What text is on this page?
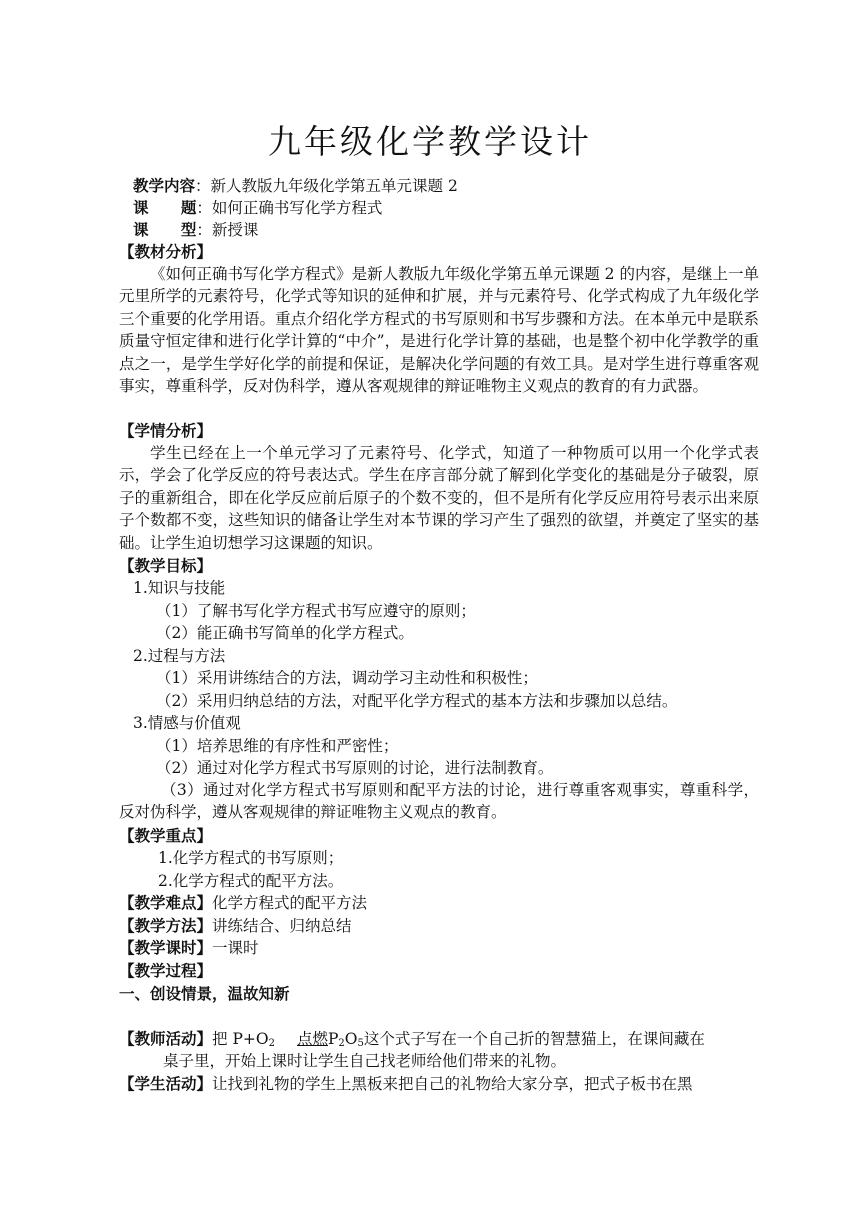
九年级化学教学设计
教学内容：新人教版九年级化学第五单元课题 2
课      题：如何正确书写化学方程式
课      型：新授课
【教材分析】
《如何正确书写化学方程式》是新人教版九年级化学第五单元课题 2 的内容，是继上一单元里所学的元素符号，化学式等知识的延伸和扩展，并与元素符号、化学式构成了九年级化学三个重要的化学用语。重点介绍化学方程式的书写原则和书写步骤和方法。在本单元中是联系质量守恒定律和进行化学计算的“中介”，是进行化学计算的基础，也是整个初中化学教学的重点之一，是学生学好化学的前提和保证，是解决化学问题的有效工具。是对学生进行尊重客观事实，尊重科学，反对伪科学，遵从客观规律的辩证唯物主义观点的教育的有力武器。
【学情分析】
学生已经在上一个单元学习了元素符号、化学式，知道了一种物质可以用一个化学式表示，学会了化学反应的符号表达式。学生在序言部分就了解到化学变化的基础是分子破裂，原子的重新组合，即在化学反应前后原子的个数不变的，但不是所有化学反应用符号表示出来原子个数都不变，这些知识的储备让学生对本节课的学习产生了强烈的欲望，并奠定了坚实的基础。让学生迫切想学习这课题的知识。
【教学目标】
1.知识与技能
（1）了解书写化学方程式书写应遵守的原则；
（2）能正确书写简单的化学方程式。
2.过程与方法
（1）采用讲练结合的方法，调动学习主动性和积极性；
（2）采用归纳总结的方法，对配平化学方程式的基本方法和步骤加以总结。
3.情感与价值观
（1）培养思维的有序性和严密性；
（2）通过对化学方程式书写原则的讨论，进行法制教育。
（3）通过对化学方程式书写原则和配平方法的讨论，进行尊重客观事实，尊重科学，反对伪科学，遵从客观规律的辩证唯物主义观点的教育。
【教学重点】
1.化学方程式的书写原则；
2.化学方程式的配平方法。
【教学难点】化学方程式的配平方法
【教学方法】讲练结合、归纳总结
【教学课时】一课时
【教学过程】
一、创设情景，温故知新
【教师活动】把 $P+O_2$ 点燃$P_2O_5$这个式子写在一个自己折的智慧猫上，在课间藏在
桌子里，开始上课时让学生自己找老师给他们带来的礼物。
【学生活动】让找到礼物的学生上黑板来把自己的礼物给大家分享，把式子板书在黑
